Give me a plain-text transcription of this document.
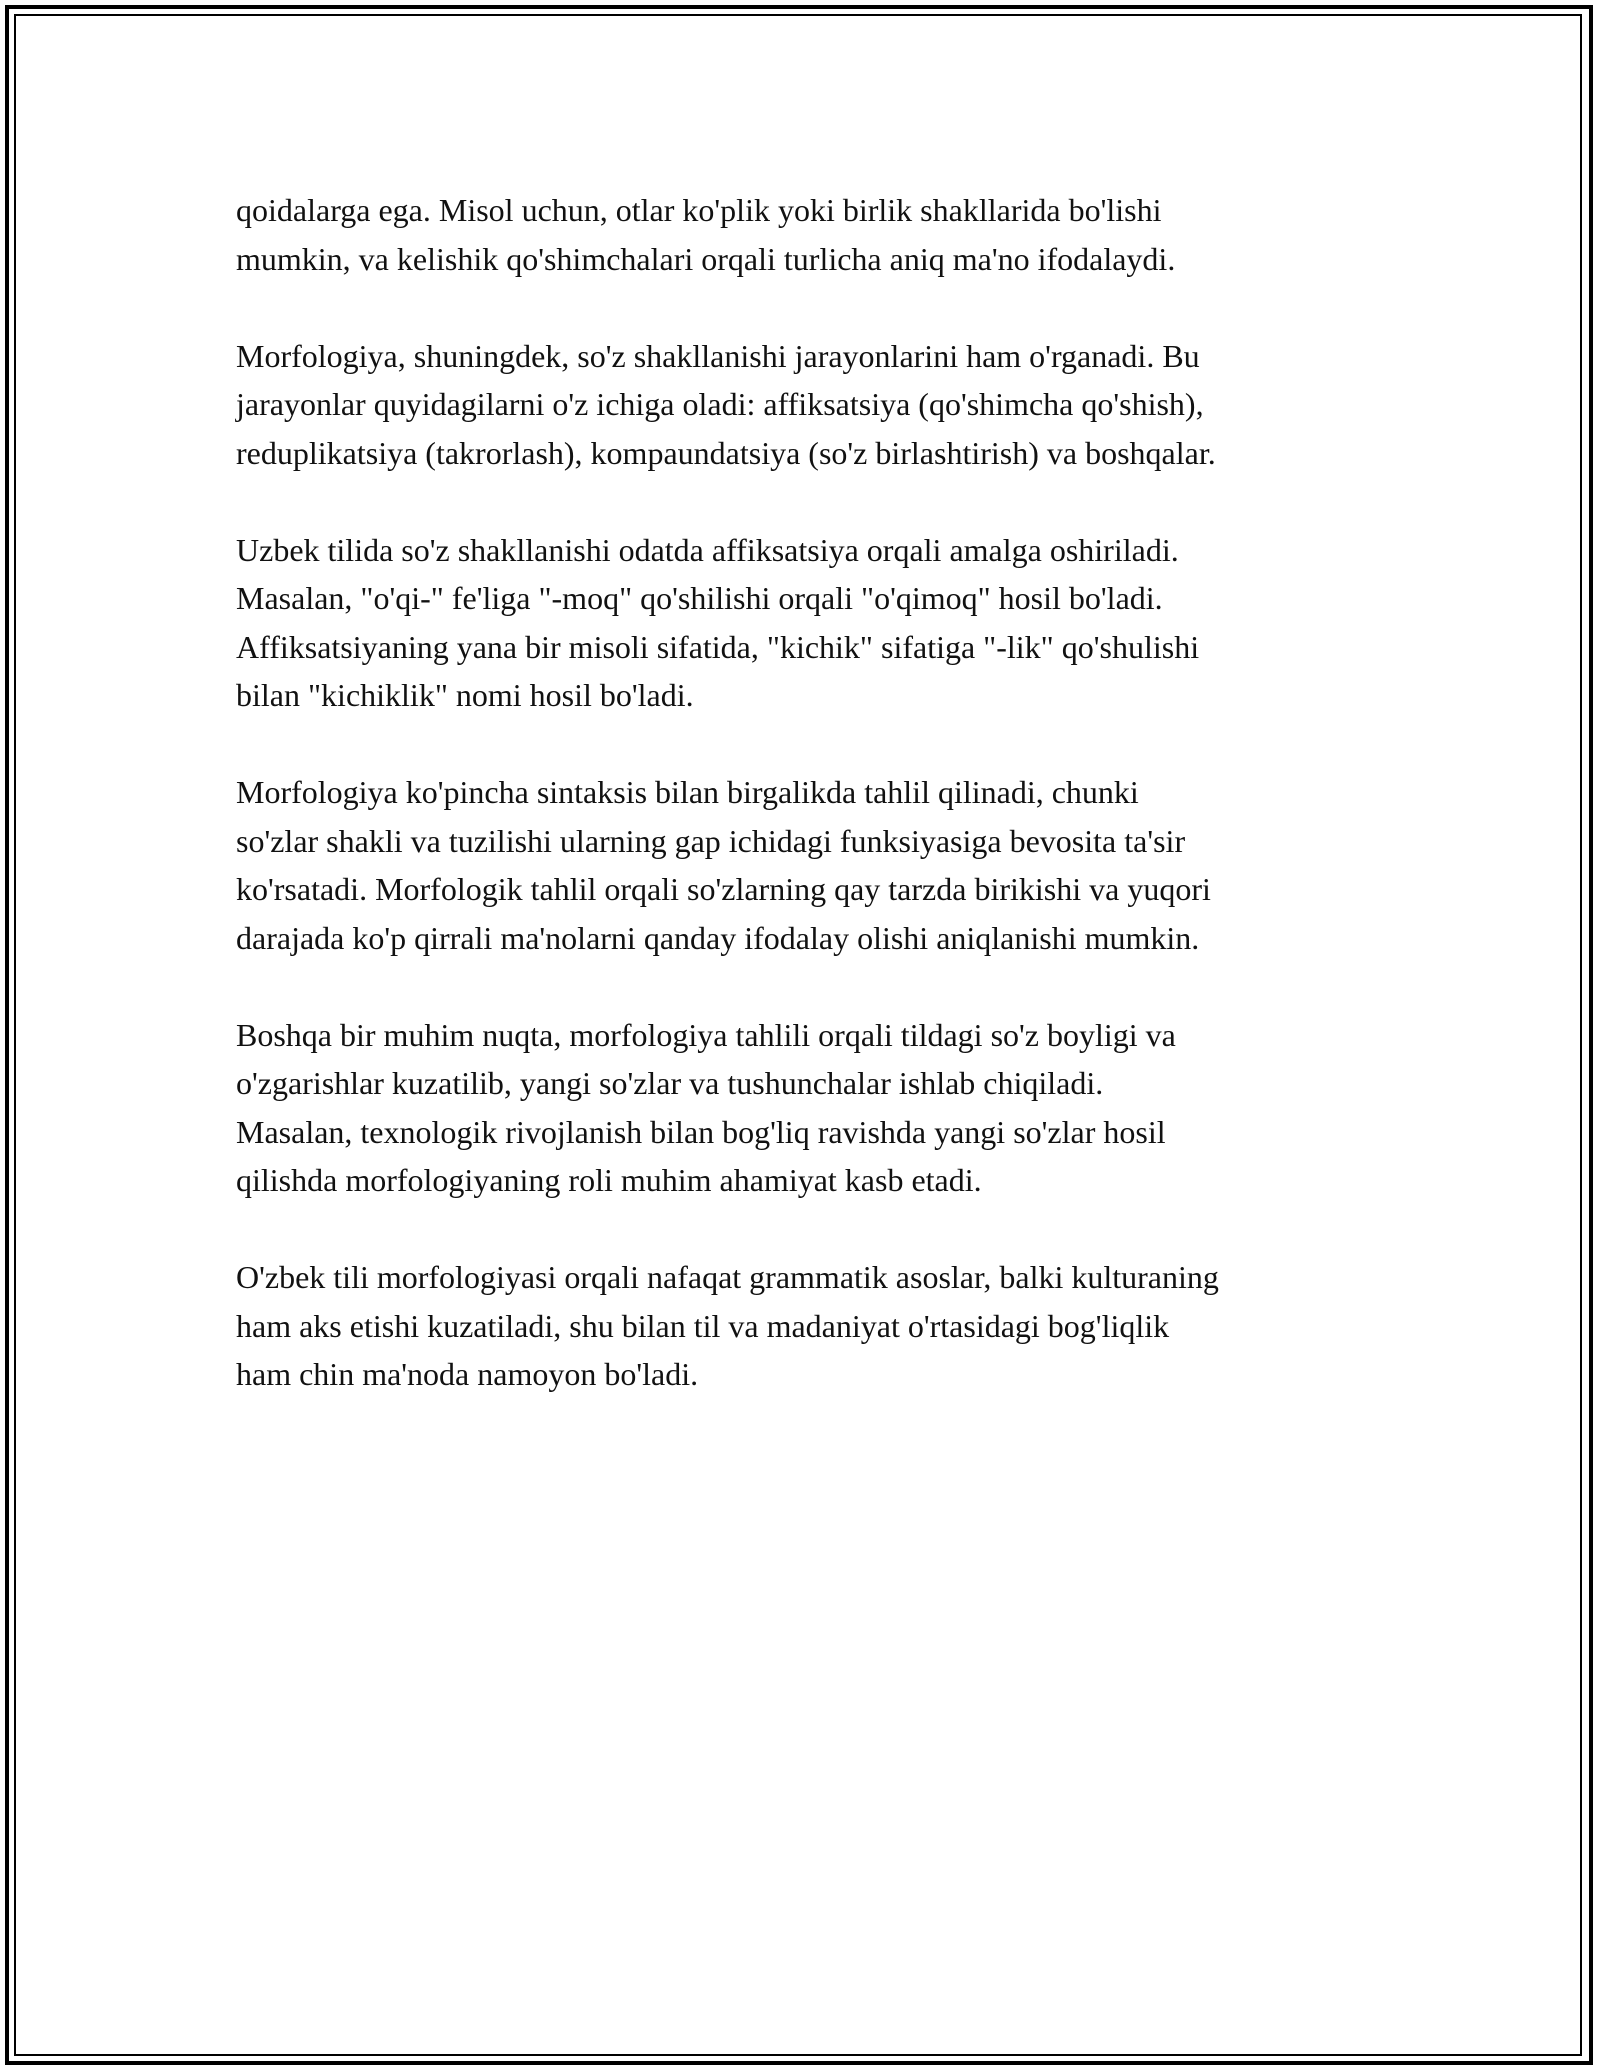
qoidalarga ega. Misol uchun, otlar ko'plik yoki birlik shakllarida bo'lishi
mumkin, va kelishik qo'shimchalari orqali turlicha aniq ma'no ifodalaydi.

Morfologiya, shuningdek, so'z shakllanishi jarayonlarini ham o'rganadi. Bu
jarayonlar quyidagilarni o'z ichiga oladi: affiksatsiya (qo'shimcha qo'shish),
reduplikatsiya (takrorlash), kompaundatsiya (so'z birlashtirish) va boshqalar.

Uzbek tilida so'z shakllanishi odatda affiksatsiya orqali amalga oshiriladi.
Masalan, "o'qi-" fe'liga "-moq" qo'shilishi orqali "o'qimoq" hosil bo'ladi.
Affiksatsiyaning yana bir misoli sifatida, "kichik" sifatiga "-lik" qo'shulishi
bilan "kichiklik" nomi hosil bo'ladi.

Morfologiya ko'pincha sintaksis bilan birgalikda tahlil qilinadi, chunki
so'zlar shakli va tuzilishi ularning gap ichidagi funksiyasiga bevosita ta'sir
ko'rsatadi. Morfologik tahlil orqali so'zlarning qay tarzda birikishi va yuqori
darajada ko'p qirrali ma'nolarni qanday ifodalay olishi aniqlanishi mumkin.

Boshqa bir muhim nuqta, morfologiya tahlili orqali tildagi so'z boyligi va
o'zgarishlar kuzatilib, yangi so'zlar va tushunchalar ishlab chiqiladi.
Masalan, texnologik rivojlanish bilan bog'liq ravishda yangi so'zlar hosil
qilishda morfologiyaning roli muhim ahamiyat kasb etadi.

O'zbek tili morfologiyasi orqali nafaqat grammatik asoslar, balki kulturaning
ham aks etishi kuzatiladi, shu bilan til va madaniyat o'rtasidagi bog'liqlik
ham chin ma'noda namoyon bo'ladi.
